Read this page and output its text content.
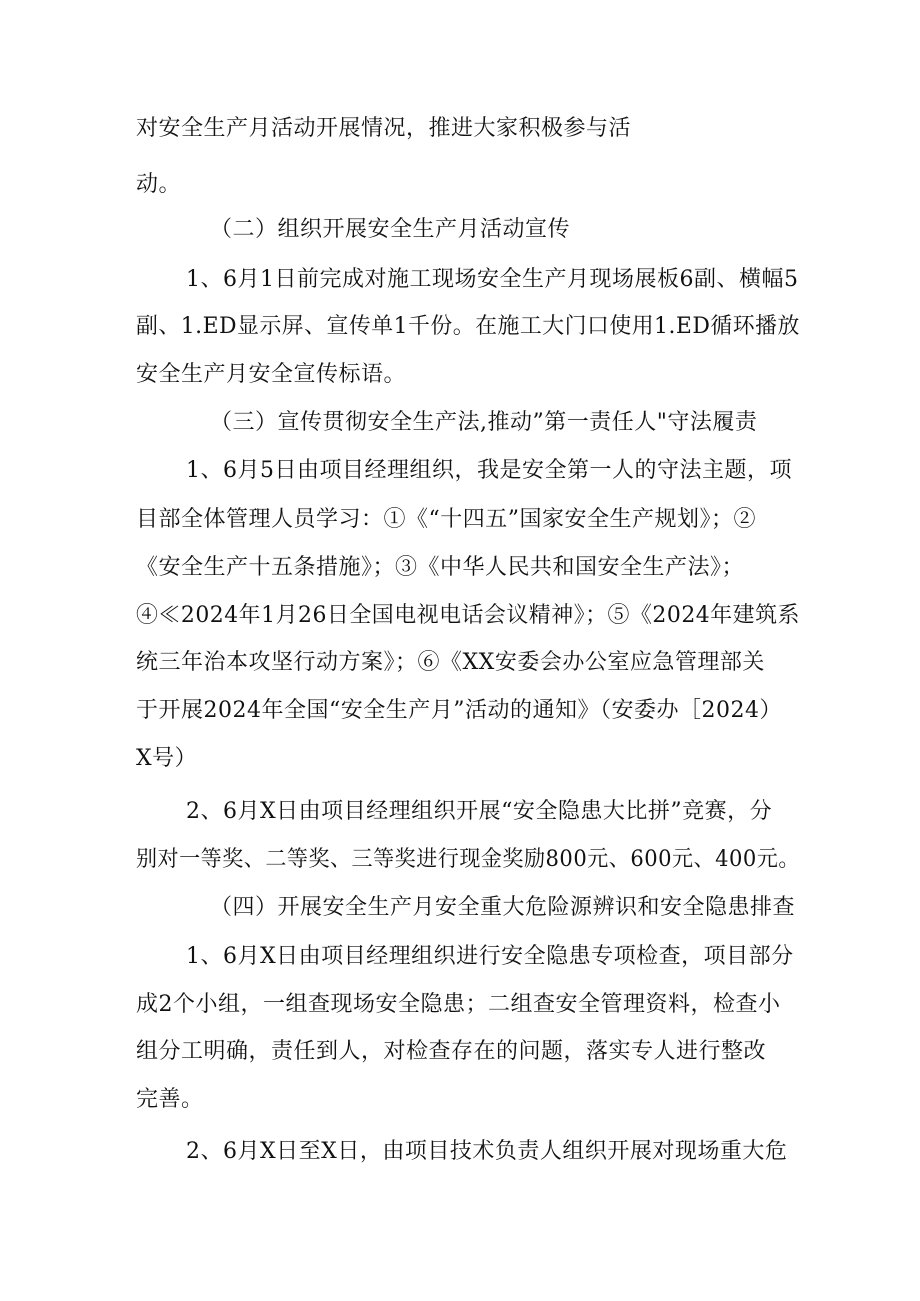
对安全生产月活动开展情况，推进大家积极参与活
动。
（二）组织开展安全生产月活动宣传
1、6月1日前完成对施工现场安全生产月现场展板6副、横幅5
副、1.ED显示屏、宣传单1千份。在施工大门口使用1.ED循环播放
安全生产月安全宣传标语。
（三）宣传贯彻安全生产法,推动”第一责任人"守法履责
1、6月5日由项目经理组织，我是安全第一人的守法主题，项
目部全体管理人员学习：①《“十四五”国家安全生产规划》；②
《安全生产十五条措施》；③《中华人民共和国安全生产法》；
④≪2024年1月26日全国电视电话会议精神》；⑤《2024年建筑系
统三年治本攻坚行动方案》；⑥《XX安委会办公室应急管理部关
于开展2024年全国“安全生产月”活动的通知》（安委办［2024）
X号）
2、6月X日由项目经理组织开展“安全隐患大比拼”竞赛，分
别对一等奖、二等奖、三等奖进行现金奖励800元、600元、400元。
（四）开展安全生产月安全重大危险源辨识和安全隐患排查
1、6月X日由项目经理组织进行安全隐患专项检查，项目部分
成2个小组，一组查现场安全隐患；二组查安全管理资料，检查小
组分工明确，责任到人，对检查存在的问题，落实专人进行整改
完善。
2、6月X日至X日，由项目技术负责人组织开展对现场重大危
